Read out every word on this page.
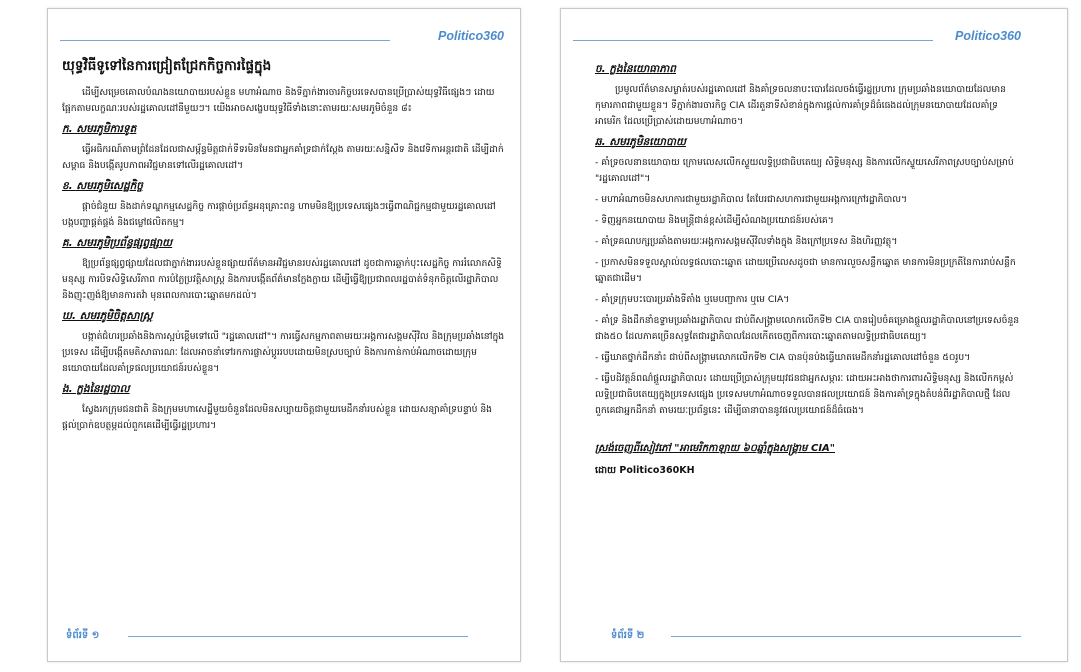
Politico360
យុទ្ធវិធីទូទៅនៃការជ្រៀតជ្រែកកិច្ចការផ្ទៃក្នុង

ដើម្បីសម្រេចគោលបំណងនយោបាយរបស់ខ្លួន មហាអំណាច និងទីភ្នាក់ងារចារកិច្ចបរទេសបានប្រើប្រាស់យុទ្ធវិធីផ្សេងៗ ដោយផ្អែកតាមលក្ខណៈរបស់រដ្ឋគោលដៅនីមួយៗ។ យើងអាចសង្ខេបយុទ្ធវិធីទាំងនោះតាមរយៈសមរភូមិចំនួន ៨៖

ក. សមរភូមិការទូត

ធ្វើអធិករណ៍តាមព្រំដែនដែលជាសម្ព័ន្ធមិត្តជាក់ទីទរមិនមែនជាអ្នកគាំទ្រជាក់ស្តែង តាមរយៈសន្និសីទ និងវេទិកាអន្តរជាតិ ដើម្បីដាក់សម្ពាធ និងបង្កើតរូបភាពអវិជ្ជមានទៅលើរដ្ឋគោលដៅ។

ខ. សមរភូមិសេដ្ឋកិច្ច

ផ្តាច់ជំនួយ និងដាក់ទណ្ឌកម្មសេដ្ឋកិច្ច ការផ្តាច់ប្រព័ន្ធអនុគ្រោះពន្ធ ហាមមិនឱ្យប្រទេសផ្សេងៗធ្វើពាណិជ្ជកម្មជាមួយរដ្ឋគោលដៅ បង្កបញ្ហាផ្គត់ផ្គង់ និងជម្លៅផលិតកម្ម។

គ. សមរភូមិប្រព័ន្ធផ្សព្វផ្សាយ

ឱ្យប្រព័ន្ធផ្សព្វផ្សាយដែលជាភ្នាក់ងាររបស់ខ្លួនផ្សាយព័ត៌មានអវិជ្ជមានរបស់រដ្ឋគោលដៅ ដូចជាការឆ្លាក់បុះសេដ្ឋកិច្ច ការរំលោភសិទ្ធិមនុស្ស ការបិទសិទ្ធិសេរីភាព ការបំភ្លៃប្រវត្តិសាស្ត្រ និងការបង្កើតព័ត៌មានក្លែងក្លាយ ដើម្បីធ្វើឱ្យប្រជាពលរដ្ឋបាត់ទំនុកចិត្តលើរដ្ឋាភិបាល និងញុះញង់ឱ្យមានការតវ៉ា មុនពេលការបោះឆ្នោតមកដល់។

ឃ. សមរភូមិចិត្តសាស្ត្រ

បង្កាត់ជំហរប្រឆាំងនិងការស្អប់ខ្ពើមទៅលើ "រដ្ឋគោលដៅ"។ ការធ្វើសកម្មភាពតាមរយៈអង្គការសង្គមស៊ីវិល និងក្រុមប្រឆាំងនៅក្នុងប្រទេស ដើម្បីបង្កើតមតិសាធារណៈ ដែលអាចនាំទៅរកការផ្លាស់ប្តូររបបដោយមិនស្របច្បាប់ និងការកាន់កាប់អំណាចដោយក្រុមនយោបាយដែលគាំទ្រផលប្រយោជន៍របស់ខ្លួន។

ង. ក្លងនៃរដ្ឋបាល

ស្វែងរកក្រុមជនជាតិ និងក្រុមមហាសេដ្ឋីមួយចំនួនដែលមិនសប្បាយចិត្តជាមួយមេដឹកនាំរបស់ខ្លួន ដោយសន្យាគាំទ្របន្ទាប់ និងផ្តល់ប្រាក់ឧបត្ថម្ភដល់ពួកគេដើម្បីធ្វើរដ្ឋប្រហារ។

ទំព័រទី ១
Politico360
ច. ក្លងនៃយោធាភាព

ប្រមូលព័ត៌មានសម្ងាត់របស់រដ្ឋគោលដៅ និងគាំទ្រចលនាបះបោរដែលចង់ធ្វើរដ្ឋប្រហារ ក្រុមប្រឆាំងនយោបាយដែលមានកុមារភាពជាមួយខ្លួន។ ទីភ្នាក់ងារចារកិច្ច CIA ដើរតួនាទីសំខាន់ក្នុងការផ្តល់ការគាំទ្រដ៏ធំធេងដល់ក្រុមនយោបាយដែលគាំទ្រអាមេរិក ដែលប្រើប្រាស់ដោយមហាអំណាច។

ឆ. សមរភូមិនយោបាយ

- គាំទ្រចលនានយោបាយ ក្រោមលេសលើកស្ទួយលទ្ធិប្រជាធិបតេយ្យ សិទ្ធិមនុស្ស និងការលើកស្ទួយសេរីភាពស្របច្បាប់សម្រាប់ "រដ្ឋគោលដៅ"។

- មហាអំណាចមិនសហការជាមួយរដ្ឋាភិបាល តែបែរជាសហការជាមួយអង្គការក្រៅរដ្ឋាភិបាល។

- ទិញអ្នកនយោបាយ និងមន្ត្រីជាន់ខ្ពស់ដើម្បីសំណងប្រយោជន៍របស់គេ។

- គាំទ្រគណបក្សប្រឆាំងតាមរយៈអង្គការសង្គមស៊ីវិលទាំងក្នុង និងក្រៅប្រទេស និងហិរញ្ញវត្ថុ។

- ប្រកាសមិនទទួលស្គាល់លទ្ធផលបោះឆ្នោត ដោយប្រើលេសដូចជា មានការលួចសន្លឹកឆ្នោត មានការមិនប្រក្រតីនៃការរាប់សន្លឹកឆ្នោតជាដើម។

- គាំទ្រក្រុមបះបោរប្រឆាំងទីតាំង ឬមេបញ្ជាការ ឬមេ CIA។

- គាំទ្រ និងដឹកនាំឧទ្ទាមប្រឆាំងរដ្ឋាភិបាល ជាប់ពីសង្គ្រាមលោកលើកទី២ CIA បានរៀបចំគម្រោងផ្តួលរដ្ឋាភិបាលនៅប្រទេសចំនួនជាង៥០ ដែលភាគច្រើនសុទ្ធតែជារដ្ឋាភិបាលដែលកើតចេញពីការបោះឆ្នោតតាមលទ្ធិប្រជាធិបតេយ្យ។

- ធ្វើឃាតថ្នាក់ដឹកនាំ៖ ជាប់ពីសង្គ្រាមលោកលើកទី២ CIA បានប៉ុនប៉ងធ្វើឃាតមេដឹកនាំរដ្ឋគោលដៅចំនួន ៥០រូប។

- ធ្វើបដិវត្តន៍ពណ៌ផ្តួលរដ្ឋាភិបាល៖ ដោយប្រើប្រាស់ក្រុមយុវជនជាអ្នកសម្ភារៈ ដោយអះអាងថាការពារសិទ្ធិមនុស្ស និងលើកកម្ពស់លទ្ធិប្រជាធិបតេយ្យក្នុងប្រទេសផ្សេង ប្រទេសមហាអំណាចទទួលបានផលប្រយោជន៍ និងការគាំទ្រក្នុងតំបន់ពីរដ្ឋាភិបាលថ្មី ដែលពួកគេជាអ្នកដឹកនាំ តាមរយៈប្រព័ន្ធនេះ ដើម្បីធានាបាននូវផលប្រយោជន៍ដ៏ធំធេង។

ស្រង់ចេញពីសៀវភៅ "អាមេរិកកាឡាយ ៦០ឆ្នាំក្នុងសង្គ្រាម CIA"
ដោយ Politico360KH
ទំព័រទី ២
